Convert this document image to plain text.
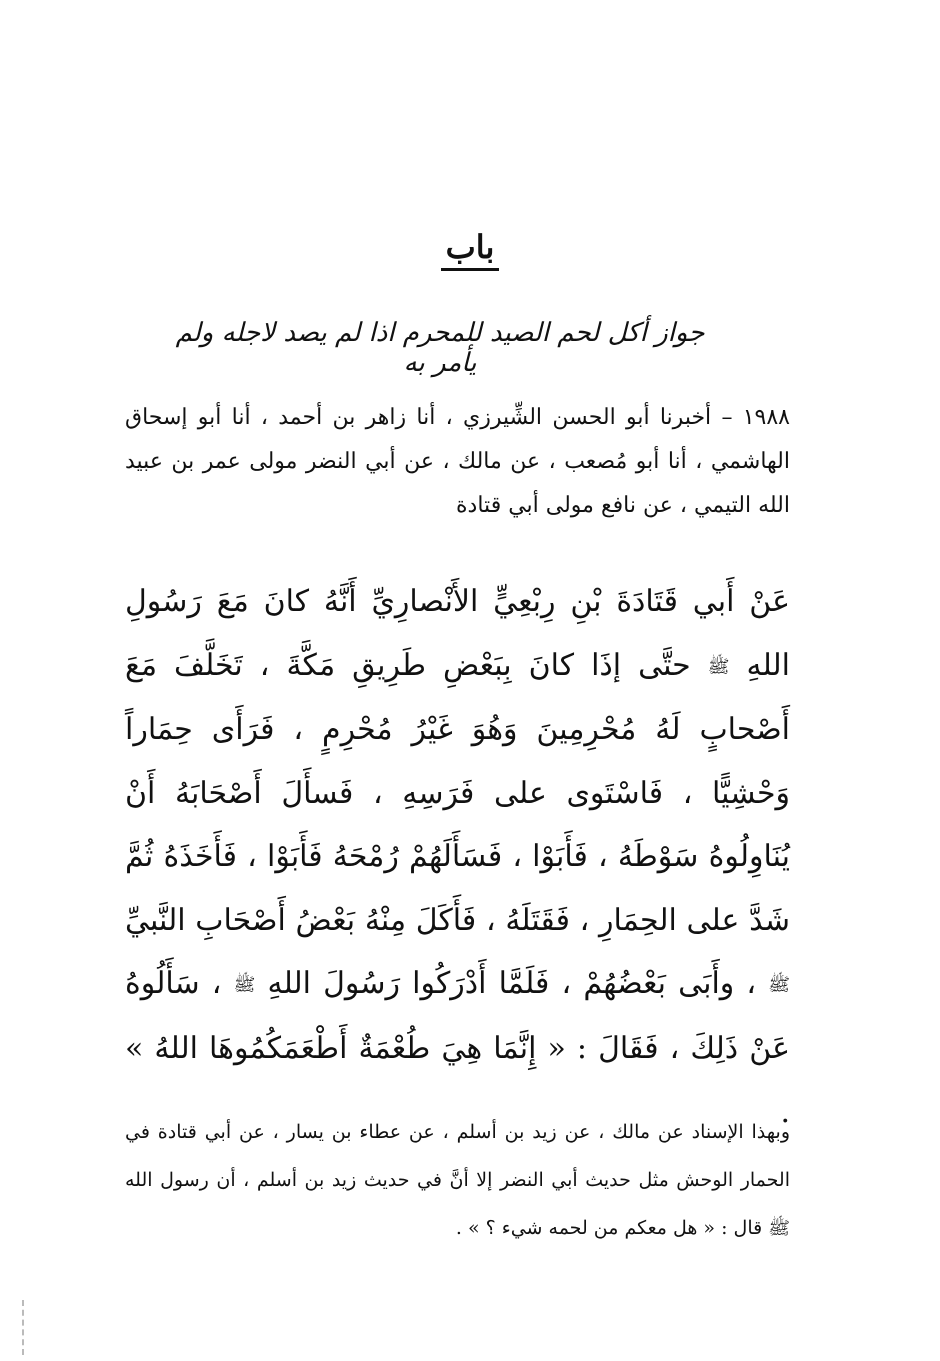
باب
جواز أكل لحم الصيد للمحرم اذا لم يصد لاجله ولم يأمر به
١٩٨٨ – أخبرنا أبو الحسن الشِّيرزي ، أنا زاهر بن أحمد ، أنا أبو إسحاق الهاشمي ، أنا أبو مُصعب ، عن مالك ، عن أبي النضر مولى عمر بن عبيد الله التيمي ، عن نافع مولى أبي قتادة
عَنْ أَبي قَتَادَةَ بْنِ رِبْعِيٍّ الأَنْصارِيِّ أَنَّهُ كانَ مَعَ رَسُولِ اللهِ ﷺ حتَّى إذَا كانَ بِبَعْضِ طَرِيقِ مَكَّةَ ، تَخَلَّفَ مَعَ أَصْحابٍ لَهُ مُحْرِمِينَ وَهُوَ غَيْرُ مُحْرِمٍ ، فَرَأَى حِمَاراً وَحْشِيًّا ، فَاسْتَوى على فَرَسِهِ ، فَسأَلَ أَصْحَابَهُ أَنْ يُنَاوِلُوهُ سَوْطَهُ ، فَأَبَوْا ، فَسَأَلَهُمْ رُمْحَهُ فَأَبَوْا ، فَأَخَذَهُ ثُمَّ شَدَّ على الحِمَارِ ، فَقَتَلَهُ ، فَأَكَلَ مِنْهُ بَعْضُ أَصْحَابِ النَّبيِّ ﷺ ، وأَبَى بَعْضُهُمْ ، فَلَمَّا أَدْرَكُوا رَسُولَ اللهِ ﷺ ، سَأَلُوهُ عَنْ ذَلِكَ ، فَقَالَ : « إِنَّمَا هِيَ طُعْمَةٌ أَطْعَمَكُمُوهَا اللهُ » .
وبهذا الإسناد عن مالك ، عن زيد بن أسلم ، عن عطاء بن يسار ، عن أبي قتادة في الحمار الوحش مثل حديث أبي النضر إلا أنَّ في حديث زيد بن أسلم ، أن رسول الله ﷺ قال : « هل معكم من لحمه شيء ؟ » .
